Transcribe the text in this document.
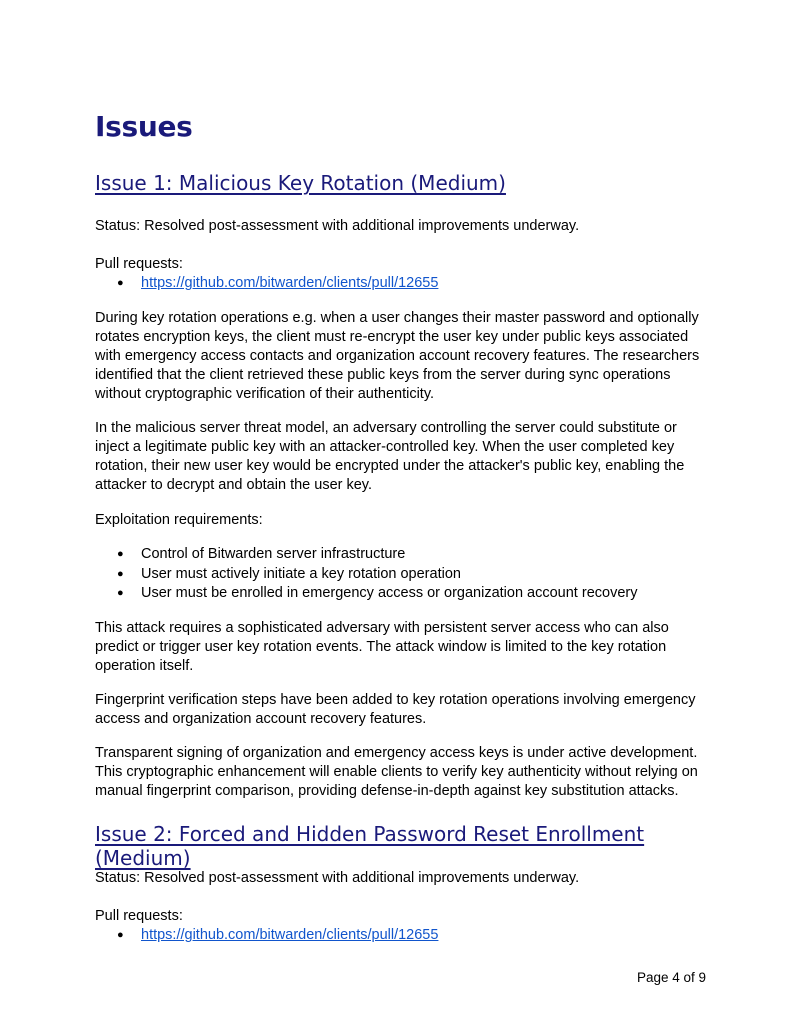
Issues
Issue 1: Malicious Key Rotation (Medium)

Status: Resolved post-assessment with additional improvements underway.

Pull requests:

● https://github.com/bitwarden/clients/pull/12655

During key rotation operations e.g. when a user changes their master password and optionally rotates encryption keys, the client must re-encrypt the user key under public keys associated with emergency access contacts and organization account recovery features. The researchers identified that the client retrieved these public keys from the server during sync operations without cryptographic verification of their authenticity.

In the malicious server threat model, an adversary controlling the server could substitute or inject a legitimate public key with an attacker-controlled key. When the user completed key rotation, their new user key would be encrypted under the attacker's public key, enabling the attacker to decrypt and obtain the user key.

Exploitation requirements:

● Control of Bitwarden server infrastructure
● User must actively initiate a key rotation operation
● User must be enrolled in emergency access or organization account recovery

This attack requires a sophisticated adversary with persistent server access who can also predict or trigger user key rotation events. The attack window is limited to the key rotation operation itself.

Fingerprint verification steps have been added to key rotation operations involving emergency access and organization account recovery features.

Transparent signing of organization and emergency access keys is under active development. This cryptographic enhancement will enable clients to verify key authenticity without relying on manual fingerprint comparison, providing defense-in-depth against key substitution attacks.

Issue 2: Forced and Hidden Password Reset Enrollment (Medium)

Status: Resolved post-assessment with additional improvements underway.

Pull requests:

● https://github.com/bitwarden/clients/pull/12655
Page 4 of 9
